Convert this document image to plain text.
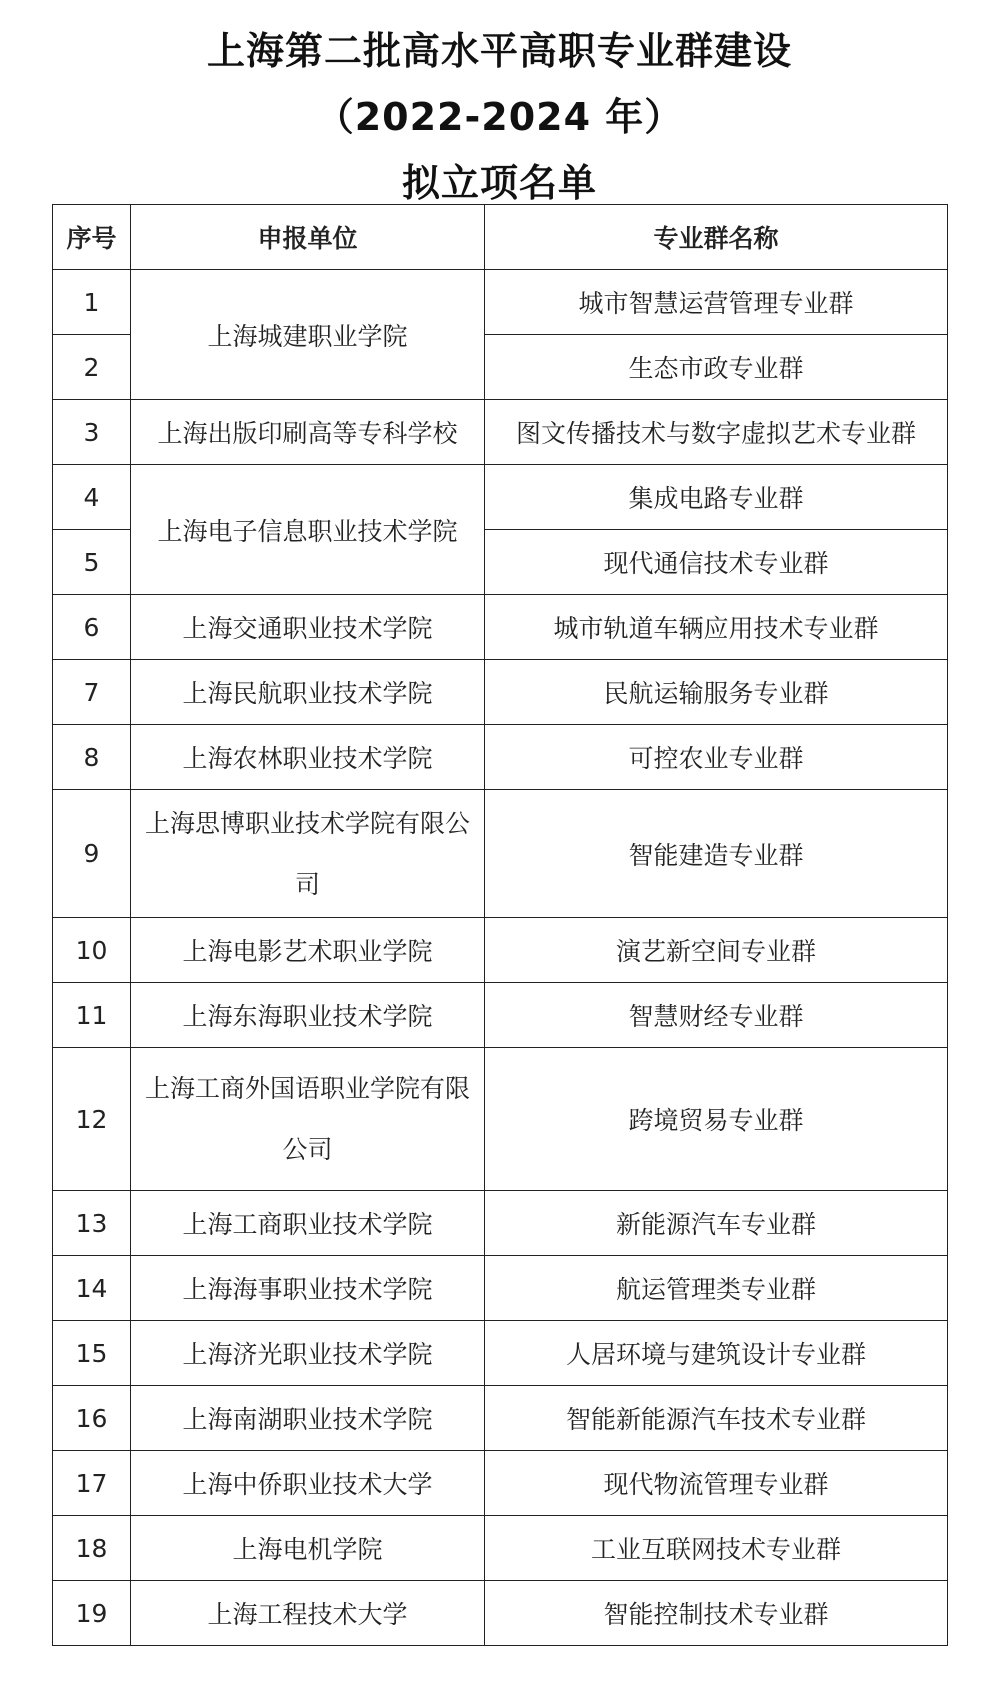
上海第二批高水平高职专业群建设
（2022-2024 年）
拟立项名单
序号	申报单位	专业群名称
1	上海城建职业学院	城市智慧运营管理专业群
2		生态市政专业群
3	上海出版印刷高等专科学校	图文传播技术与数字虚拟艺术专业群
4	上海电子信息职业技术学院	集成电路专业群
5		现代通信技术专业群
6	上海交通职业技术学院	城市轨道车辆应用技术专业群
7	上海民航职业技术学院	民航运输服务专业群
8	上海农林职业技术学院	可控农业专业群
9	上海思博职业技术学院有限公司	智能建造专业群
10	上海电影艺术职业学院	演艺新空间专业群
11	上海东海职业技术学院	智慧财经专业群
12	上海工商外国语职业学院有限公司	跨境贸易专业群
13	上海工商职业技术学院	新能源汽车专业群
14	上海海事职业技术学院	航运管理类专业群
15	上海济光职业技术学院	人居环境与建筑设计专业群
16	上海南湖职业技术学院	智能新能源汽车技术专业群
17	上海中侨职业技术大学	现代物流管理专业群
18	上海电机学院	工业互联网技术专业群
19	上海工程技术大学	智能控制技术专业群
